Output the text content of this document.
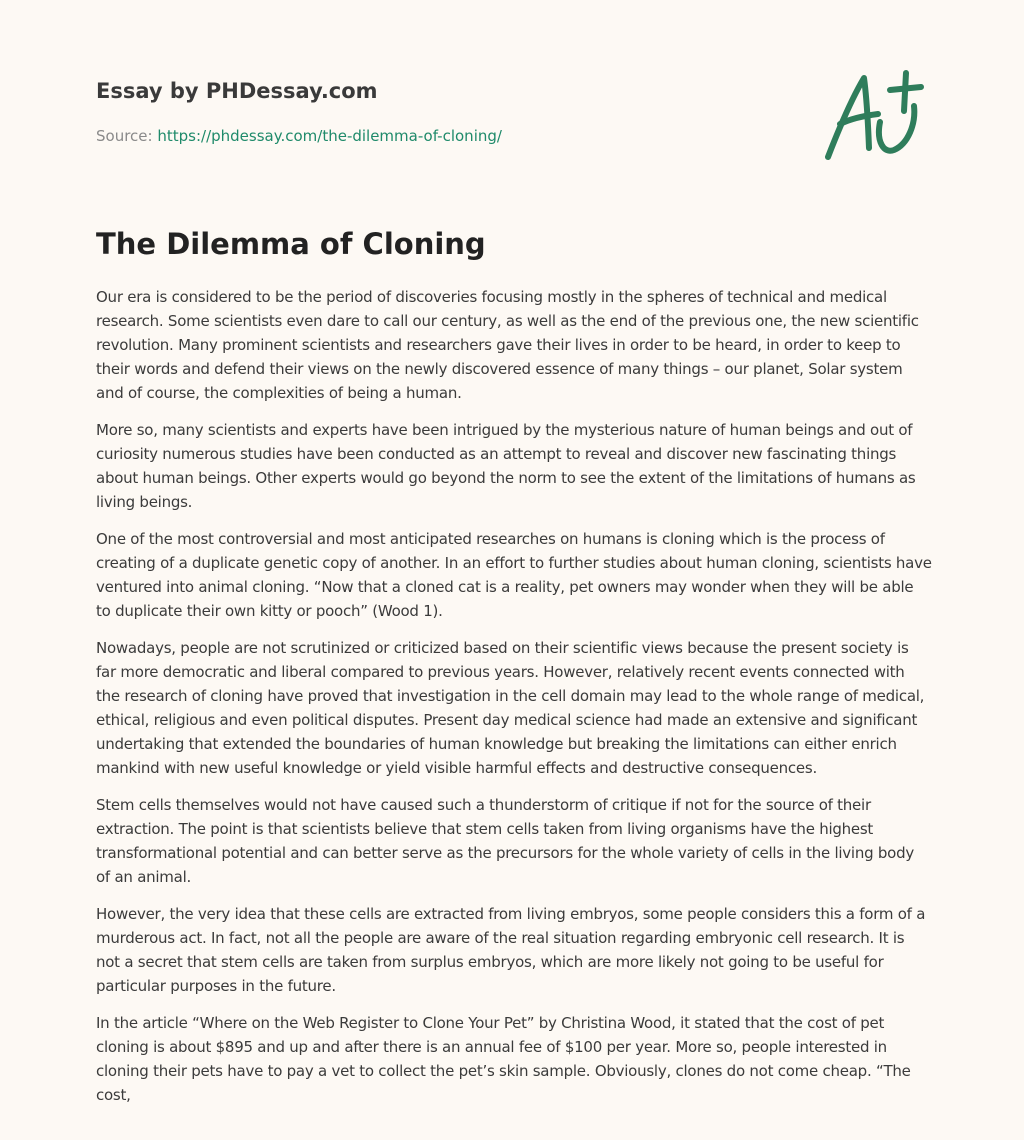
Essay by PHDessay.com

Source: https://phdessay.com/the-dilemma-of-cloning/
The Dilemma of Cloning

Our era is considered to be the period of discoveries focusing mostly in the spheres of technical and medical research. Some scientists even dare to call our century, as well as the end of the previous one, the new scientific revolution. Many prominent scientists and researchers gave their lives in order to be heard, in order to keep to their words and defend their views on the newly discovered essence of many things – our planet, Solar system and of course, the complexities of being a human.

More so, many scientists and experts have been intrigued by the mysterious nature of human beings and out of curiosity numerous studies have been conducted as an attempt to reveal and discover new fascinating things about human beings. Other experts would go beyond the norm to see the extent of the limitations of humans as living beings.

One of the most controversial and most anticipated researches on humans is cloning which is the process of creating of a duplicate genetic copy of another. In an effort to further studies about human cloning, scientists have ventured into animal cloning. “Now that a cloned cat is a reality, pet owners may wonder when they will be able to duplicate their own kitty or pooch” (Wood 1).

Nowadays, people are not scrutinized or criticized based on their scientific views because the present society is far more democratic and liberal compared to previous years. However, relatively recent events connected with the research of cloning have proved that investigation in the cell domain may lead to the whole range of medical, ethical, religious and even political disputes. Present day medical science had made an extensive and significant undertaking that extended the boundaries of human knowledge but breaking the limitations can either enrich mankind with new useful knowledge or yield visible harmful effects and destructive consequences.

Stem cells themselves would not have caused such a thunderstorm of critique if not for the source of their extraction. The point is that scientists believe that stem cells taken from living organisms have the highest transformational potential and can better serve as the precursors for the whole variety of cells in the living body of an animal.

However, the very idea that these cells are extracted from living embryos, some people considers this a form of a murderous act. In fact, not all the people are aware of the real situation regarding embryonic cell research. It is not a secret that stem cells are taken from surplus embryos, which are more likely not going to be useful for particular purposes in the future.

In the article “Where on the Web Register to Clone Your Pet” by Christina Wood, it stated that the cost of pet cloning is about $895 and up and after there is an annual fee of $100 per year. More so, people interested in cloning their pets have to pay a vet to collect the pet’s skin sample. Obviously, clones do not come cheap. “The cost,
